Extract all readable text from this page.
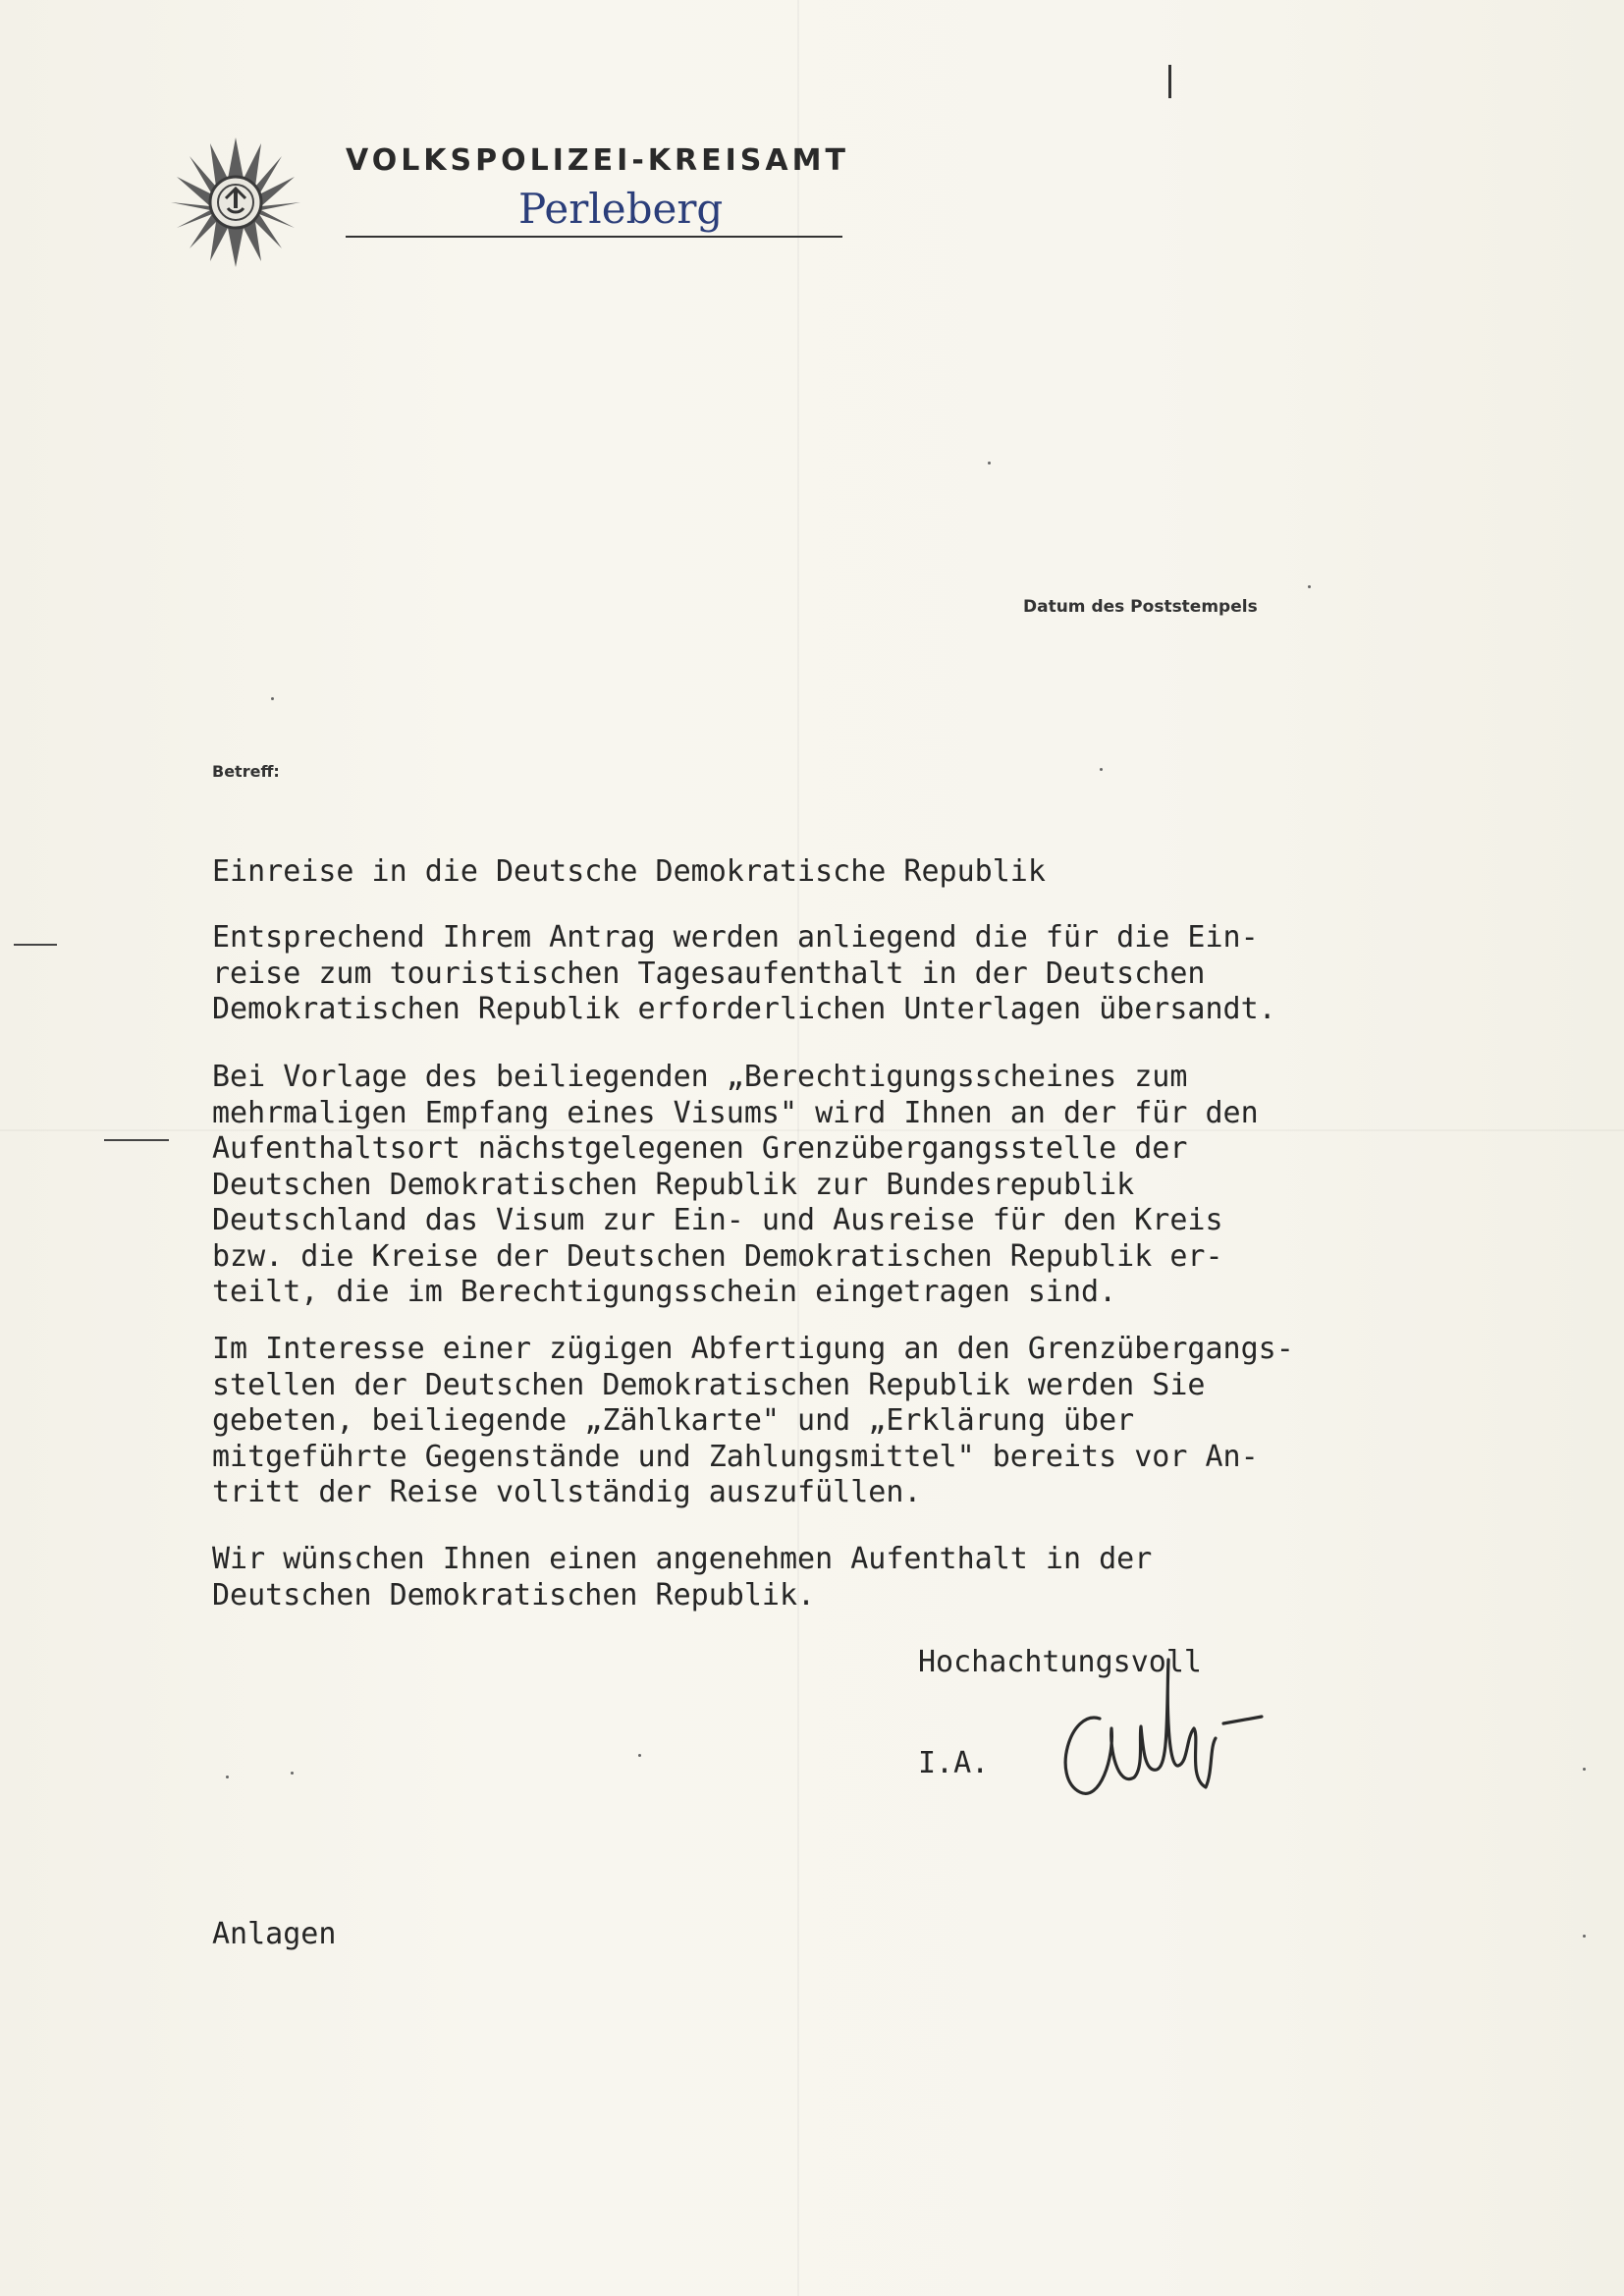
VOLKSPOLIZEI-KREISAMT
Perleberg
Datum des Poststempels
Betreff:
Einreise in die Deutsche Demokratische Republik
Entsprechend Ihrem Antrag werden anliegend die für die Ein-
reise zum touristischen Tagesaufenthalt in der Deutschen
Demokratischen Republik erforderlichen Unterlagen übersandt.
Bei Vorlage des beiliegenden „Berechtigungsscheines zum
mehrmaligen Empfang eines Visums" wird Ihnen an der für den
Aufenthaltsort nächstgelegenen Grenzübergangsstelle der
Deutschen Demokratischen Republik zur Bundesrepublik
Deutschland das Visum zur Ein- und Ausreise für den Kreis
bzw. die Kreise der Deutschen Demokratischen Republik er-
teilt, die im Berechtigungsschein eingetragen sind.
Im Interesse einer zügigen Abfertigung an den Grenzübergangs-
stellen der Deutschen Demokratischen Republik werden Sie
gebeten, beiliegende „Zählkarte" und „Erklärung über
mitgeführte Gegenstände und Zahlungsmittel" bereits vor An-
tritt der Reise vollständig auszufüllen.
Wir wünschen Ihnen einen angenehmen Aufenthalt in der
Deutschen Demokratischen Republik.
Hochachtungsvoll
I.A.
Anlagen
